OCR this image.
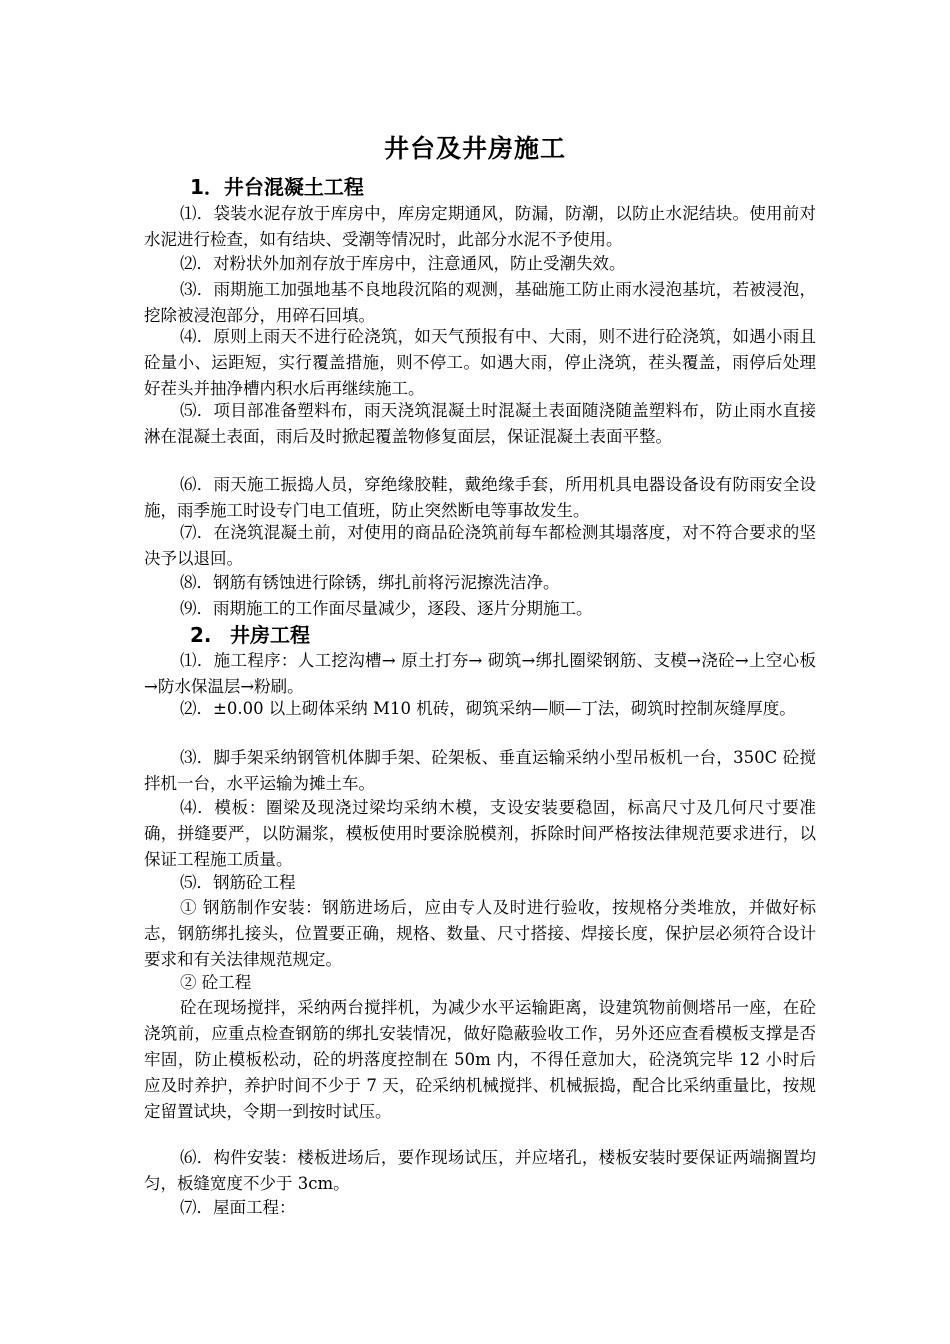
井台及井房施工
1．井台混凝土工程
⑴．袋装水泥存放于库房中，库房定期通风，防漏，防潮，以防止水泥结块。使用前对水泥进行检查，如有结块、受潮等情况时，此部分水泥不予使用。
⑵．对粉状外加剂存放于库房中，注意通风，防止受潮失效。
⑶．雨期施工加强地基不良地段沉陷的观测，基础施工防止雨水浸泡基坑，若被浸泡，挖除被浸泡部分，用碎石回填。
⑷．原则上雨天不进行砼浇筑，如天气预报有中、大雨，则不进行砼浇筑，如遇小雨且砼量小、运距短，实行覆盖措施，则不停工。如遇大雨，停止浇筑，茬头覆盖，雨停后处理好茬头并抽净槽内积水后再继续施工。
⑸．项目部准备塑料布，雨天浇筑混凝土时混凝土表面随浇随盖塑料布，防止雨水直接淋在混凝土表面，雨后及时掀起覆盖物修复面层，保证混凝土表面平整。
⑹．雨天施工振捣人员，穿绝缘胶鞋，戴绝缘手套，所用机具电器设备设有防雨安全设施，雨季施工时设专门电工值班，防止突然断电等事故发生。
⑺．在浇筑混凝土前，对使用的商品砼浇筑前每车都检测其塌落度，对不符合要求的坚决予以退回。
⑻．钢筋有锈蚀进行除锈，绑扎前将污泥擦洗洁净。
⑼．雨期施工的工作面尽量减少，逐段、逐片分期施工。
2. 井房工程
⑴．施工程序：人工挖沟槽→ 原土打夯→ 砌筑→绑扎圈梁钢筋、支模→浇砼→上空心板→防水保温层→粉刷。
⑵．±0.00 以上砌体采纳 M10 机砖，砌筑采纳—顺—丁法，砌筑时控制灰缝厚度。
⑶．脚手架采纳钢管机体脚手架、砼架板、垂直运输采纳小型吊板机一台，350C 砼搅拌机一台，水平运输为摊土车。
⑷．模板：圈梁及现浇过梁均采纳木模，支设安装要稳固，标高尺寸及几何尺寸要准确，拼缝要严，以防漏浆，模板使用时要涂脱模剂，拆除时间严格按法律规范要求进行，以保证工程施工质量。
⑸．钢筋砼工程
① 钢筋制作安装：钢筋进场后，应由专人及时进行验收，按规格分类堆放，并做好标志，钢筋绑扎接头，位置要正确，规格、数量、尺寸搭接、焊接长度，保护层必须符合设计要求和有关法律规范规定。
② 砼工程
砼在现场搅拌，采纳两台搅拌机，为减少水平运输距离，设建筑物前侧塔吊一座，在砼浇筑前，应重点检查钢筋的绑扎安装情况，做好隐蔽验收工作，另外还应查看模板支撑是否牢固，防止模板松动，砼的坍落度控制在 50m 内，不得任意加大，砼浇筑完毕 12 小时后应及时养护，养护时间不少于 7 天，砼采纳机械搅拌、机械振捣，配合比采纳重量比，按规定留置试块，令期一到按时试压。
⑹．构件安装：楼板进场后，要作现场试压，并应堵孔，楼板安装时要保证两端搁置均匀，板缝宽度不少于 3cm。
⑺．屋面工程：
